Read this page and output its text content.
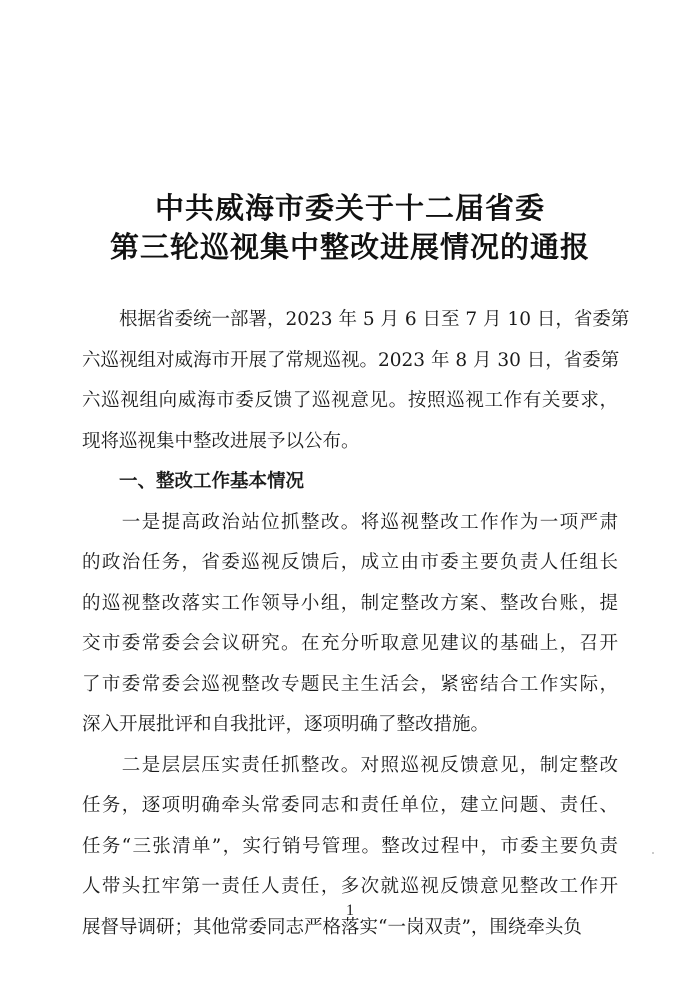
中共威海市委关于十二届省委
第三轮巡视集中整改进展情况的通报
　　根据省委统一部署，2023 年 5 月 6 日至 7 月 10 日，省委第
六巡视组对威海市开展了常规巡视。2023 年 8 月 30 日，省委第
六巡视组向威海市委反馈了巡视意见。按照巡视工作有关要求，
现将巡视集中整改进展予以公布。
　　一、整改工作基本情况
　　一是提高政治站位抓整改。将巡视整改工作作为一项严肃
的政治任务，省委巡视反馈后，成立由市委主要负责人任组长
的巡视整改落实工作领导小组，制定整改方案、整改台账，提
交市委常委会会议研究。在充分听取意见建议的基础上，召开
了市委常委会巡视整改专题民主生活会，紧密结合工作实际，
深入开展批评和自我批评，逐项明确了整改措施。
　　二是层层压实责任抓整改。对照巡视反馈意见，制定整改
任务，逐项明确牵头常委同志和责任单位，建立问题、责任、
任务“三张清单”，实行销号管理。整改过程中，市委主要负责
1
人带头扛牢第一责任人责任，多次就巡视反馈意见整改工作开
展督导调研；其他常委同志严格落实“一岗双责”，围绕牵头负
